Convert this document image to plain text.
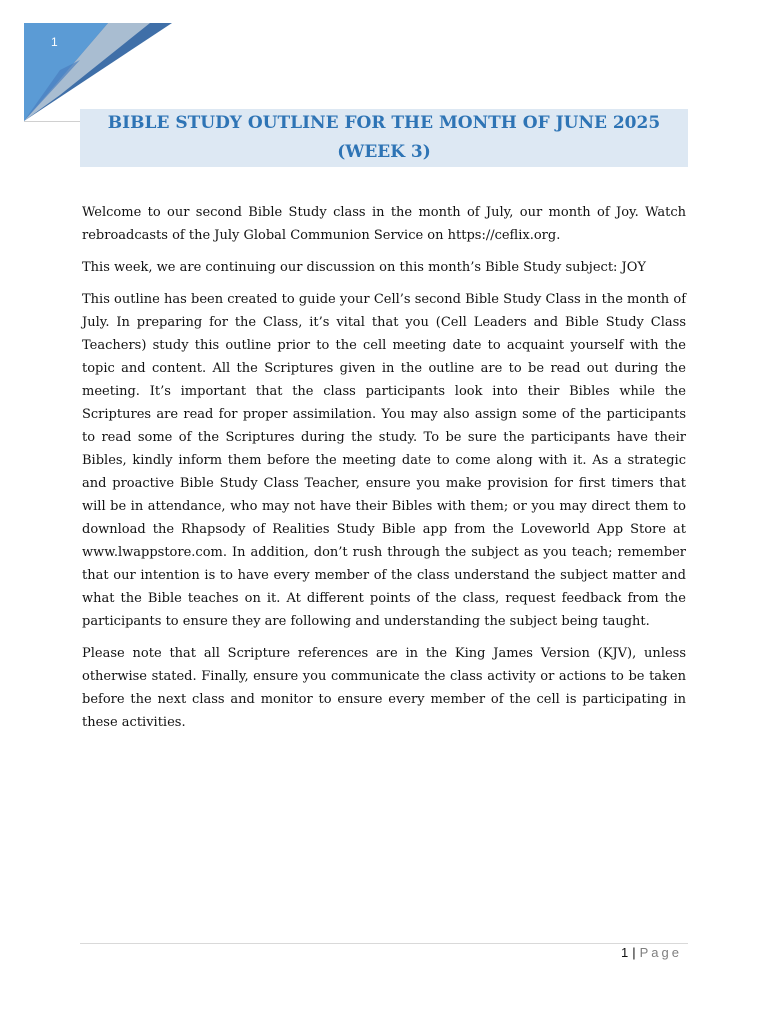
1
BIBLE STUDY OUTLINE FOR THE MONTH OF JUNE 2025 (WEEK 3)

Welcome to our second Bible Study class in the month of July, our month of Joy. Watch rebroadcasts of the July Global Communion Service on https://ceflix.org.

This week, we are continuing our discussion on this month’s Bible Study subject: JOY

This outline has been created to guide your Cell’s second Bible Study Class in the month of July. In preparing for the Class, it’s vital that you (Cell Leaders and Bible Study Class Teachers) study this outline prior to the cell meeting date to acquaint yourself with the topic and content. All the Scriptures given in the outline are to be read out during the meeting. It’s important that the class participants look into their Bibles while the Scriptures are read for proper assimilation. You may also assign some of the participants to read some of the Scriptures during the study. To be sure the participants have their Bibles, kindly inform them before the meeting date to come along with it. As a strategic and proactive Bible Study Class Teacher, ensure you make provision for first timers that will be in attendance, who may not have their Bibles with them; or you may direct them to download the Rhapsody of Realities Study Bible app from the Loveworld App Store at www.lwappstore.com. In addition, don’t rush through the subject as you teach; remember that our intention is to have every member of the class understand the subject matter and what the Bible teaches on it. At different points of the class, request feedback from the participants to ensure they are following and understanding the subject being taught.

Please note that all Scripture references are in the King James Version (KJV), unless otherwise stated. Finally, ensure you communicate the class activity or actions to be taken before the next class and monitor to ensure every member of the cell is participating in these activities.

1 | Page
